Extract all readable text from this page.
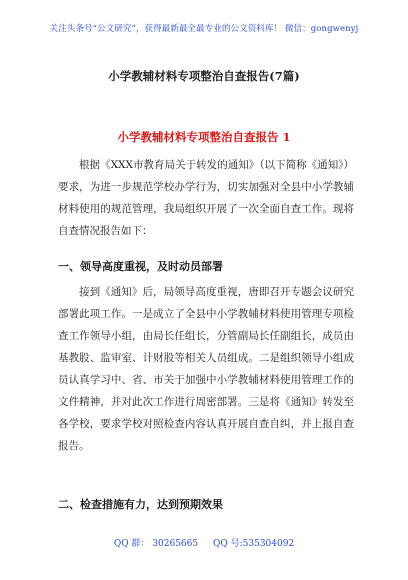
关注头条号“公文研究”，获得最新最全最专业的公文资料库！ 微信：gongwenyj
小学教辅材料专项整治自查报告(7篇)
小学教辅材料专项整治自查报告 1

根据《XXX市教育局关于转发的通知》（以下简称《通知》）要求，为进一步规范学校办学行为，切实加强对全县中小学教辅材料使用的规范管理，我局组织开展了一次全面自查工作。现将自查情况报告如下：

一、领导高度重视，及时动员部署

接到《通知》后，局领导高度重视，唐即召开专题会议研究部署此项工作。一是成立了全县中小学教辅材料使用管理专项检查工作领导小组，由局长任组长，分管副局长任副组长，成员由基教股、监审室、计财股等相关人员组成。二是组织领导小组成员认真学习中、省、市关于加强中小学教辅材料使用管理工作的文件精神，并对此次工作进行周密部署。三是将《通知》转发至各学校，要求学校对照检查内容认真开展自查自纠，并上报自查报告。

二、检查措施有力，达到预期效果
QQ 群： 30265665 QQ 号:535304092
